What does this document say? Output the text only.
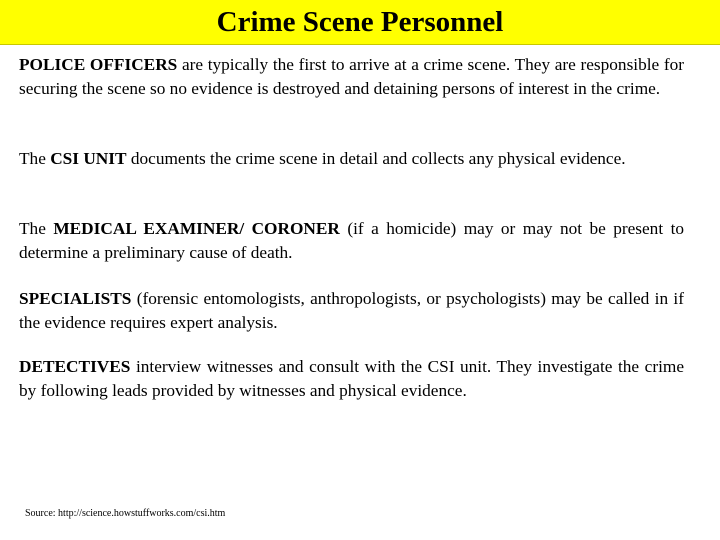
Crime Scene Personnel

POLICE OFFICERS are typically the first to arrive at a crime scene. They are responsible for securing the scene so no evidence is destroyed and detaining persons of interest in the crime.

The CSI UNIT documents the crime scene in detail and collects any physical evidence.

The MEDICAL EXAMINER/ CORONER (if a homicide) may or may not be present to determine a preliminary cause of death.

SPECIALISTS (forensic entomologists, anthropologists, or psychologists) may be called in if the evidence requires expert analysis.

DETECTIVES interview witnesses and consult with the CSI unit. They investigate the crime by following leads provided by witnesses and physical evidence.

Source: http://science.howstuffworks.com/csi.htm
